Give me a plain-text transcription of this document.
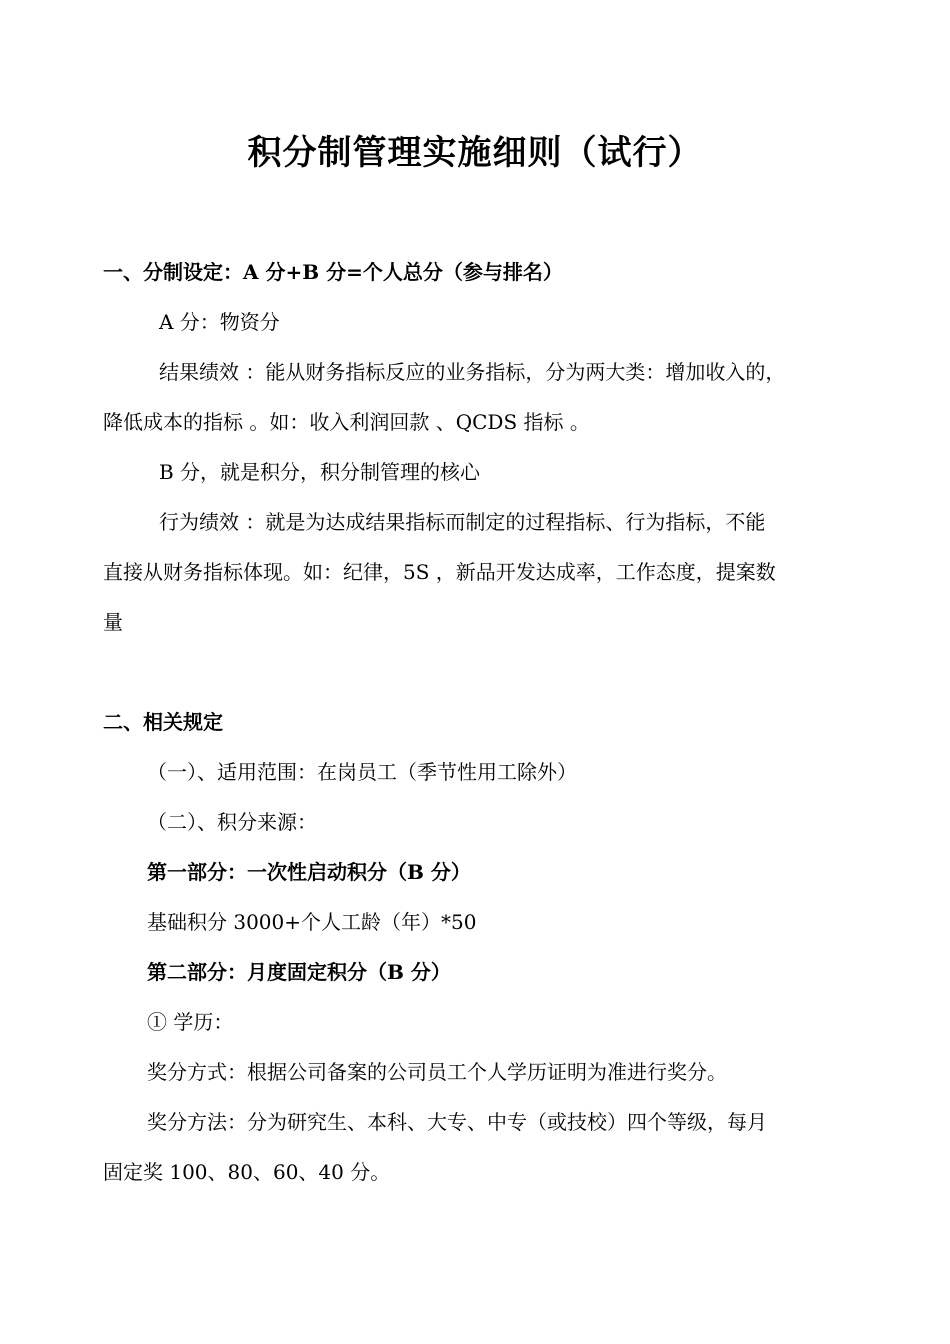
积分制管理实施细则（试行）

一、分制设定：A 分+B 分=个人总分（参与排名）

A 分：物资分

结果绩效 ：能从财务指标反应的业务指标，分为两大类：增加收入的，

降低成本的指标 。如：收入利润回款 、QCDS 指标 。

B 分，就是积分，积分制管理的核心

行为绩效 ：就是为达成结果指标而制定的过程指标、行为指标，不能

直接从财务指标体现。如：纪律，5S ，新品开发达成率，工作态度，提案数

量

二、相关规定

（一）、适用范围：在岗员工（季节性用工除外）

（二）、积分来源：

第一部分：一次性启动积分（B 分）

基础积分 3000+个人工龄（年）*50

第二部分：月度固定积分（B 分）

① 学历：

奖分方式：根据公司备案的公司员工个人学历证明为准进行奖分。

奖分方法：分为研究生、本科、大专、中专（或技校）四个等级，每月

固定奖 100、80、60、40 分。
